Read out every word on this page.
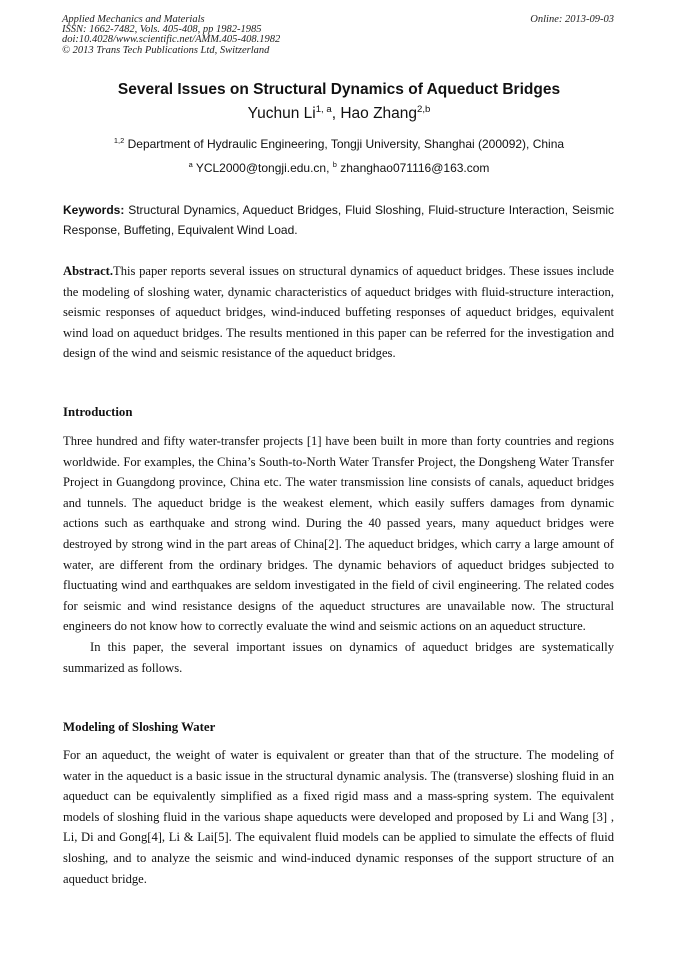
Applied Mechanics and Materials
ISSN: 1662-7482, Vols. 405-408, pp 1982-1985
doi:10.4028/www.scientific.net/AMM.405-408.1982
© 2013 Trans Tech Publications Ltd, Switzerland
Online: 2013-09-03
Several Issues on Structural Dynamics of Aqueduct Bridges
Yuchun Li$^{1, a}$, Hao Zhang$^{2,b}$
$^{1,2}$ Department of Hydraulic Engineering, Tongji University, Shanghai (200092), China
$^a$ YCL2000@tongji.edu.cn, $^b$ zhanghao071116@163.com
Keywords: Structural Dynamics, Aqueduct Bridges, Fluid Sloshing, Fluid-structure Interaction, Seismic Response, Buffeting, Equivalent Wind Load.
Abstract.This paper reports several issues on structural dynamics of aqueduct bridges. These issues include the modeling of sloshing water, dynamic characteristics of aqueduct bridges with fluid-structure interaction, seismic responses of aqueduct bridges, wind-induced buffeting responses of aqueduct bridges, equivalent wind load on aqueduct bridges. The results mentioned in this paper can be referred for the investigation and design of the wind and seismic resistance of the aqueduct bridges.
Introduction

Three hundred and fifty water-transfer projects [1] have been built in more than forty countries and regions worldwide. For examples, the China’s South-to-North Water Transfer Project, the Dongsheng Water Transfer Project in Guangdong province, China etc. The water transmission line consists of canals, aqueduct bridges and tunnels. The aqueduct bridge is the weakest element, which easily suffers damages from dynamic actions such as earthquake and strong wind. During the 40 passed years, many aqueduct bridges were destroyed by strong wind in the part areas of China[2]. The aqueduct bridges, which carry a large amount of water, are different from the ordinary bridges. The dynamic behaviors of aqueduct bridges subjected to fluctuating wind and earthquakes are seldom investigated in the field of civil engineering. The related codes for seismic and wind resistance designs of the aqueduct structures are unavailable now. The structural engineers do not know how to correctly evaluate the wind and seismic actions on an aqueduct structure.

In this paper, the several important issues on dynamics of aqueduct bridges are systematically summarized as follows.

Modeling of Sloshing Water

For an aqueduct, the weight of water is equivalent or greater than that of the structure. The modeling of water in the aqueduct is a basic issue in the structural dynamic analysis. The (transverse) sloshing fluid in an aqueduct can be equivalently simplified as a fixed rigid mass and a mass-spring system. The equivalent models of sloshing fluid in the various shape aqueducts were developed and proposed by Li and Wang [3] , Li, Di and Gong[4], Li & Lai[5]. The equivalent fluid models can be applied to simulate the effects of fluid sloshing, and to analyze the seismic and wind-induced dynamic responses of the support structure of an aqueduct bridge.
